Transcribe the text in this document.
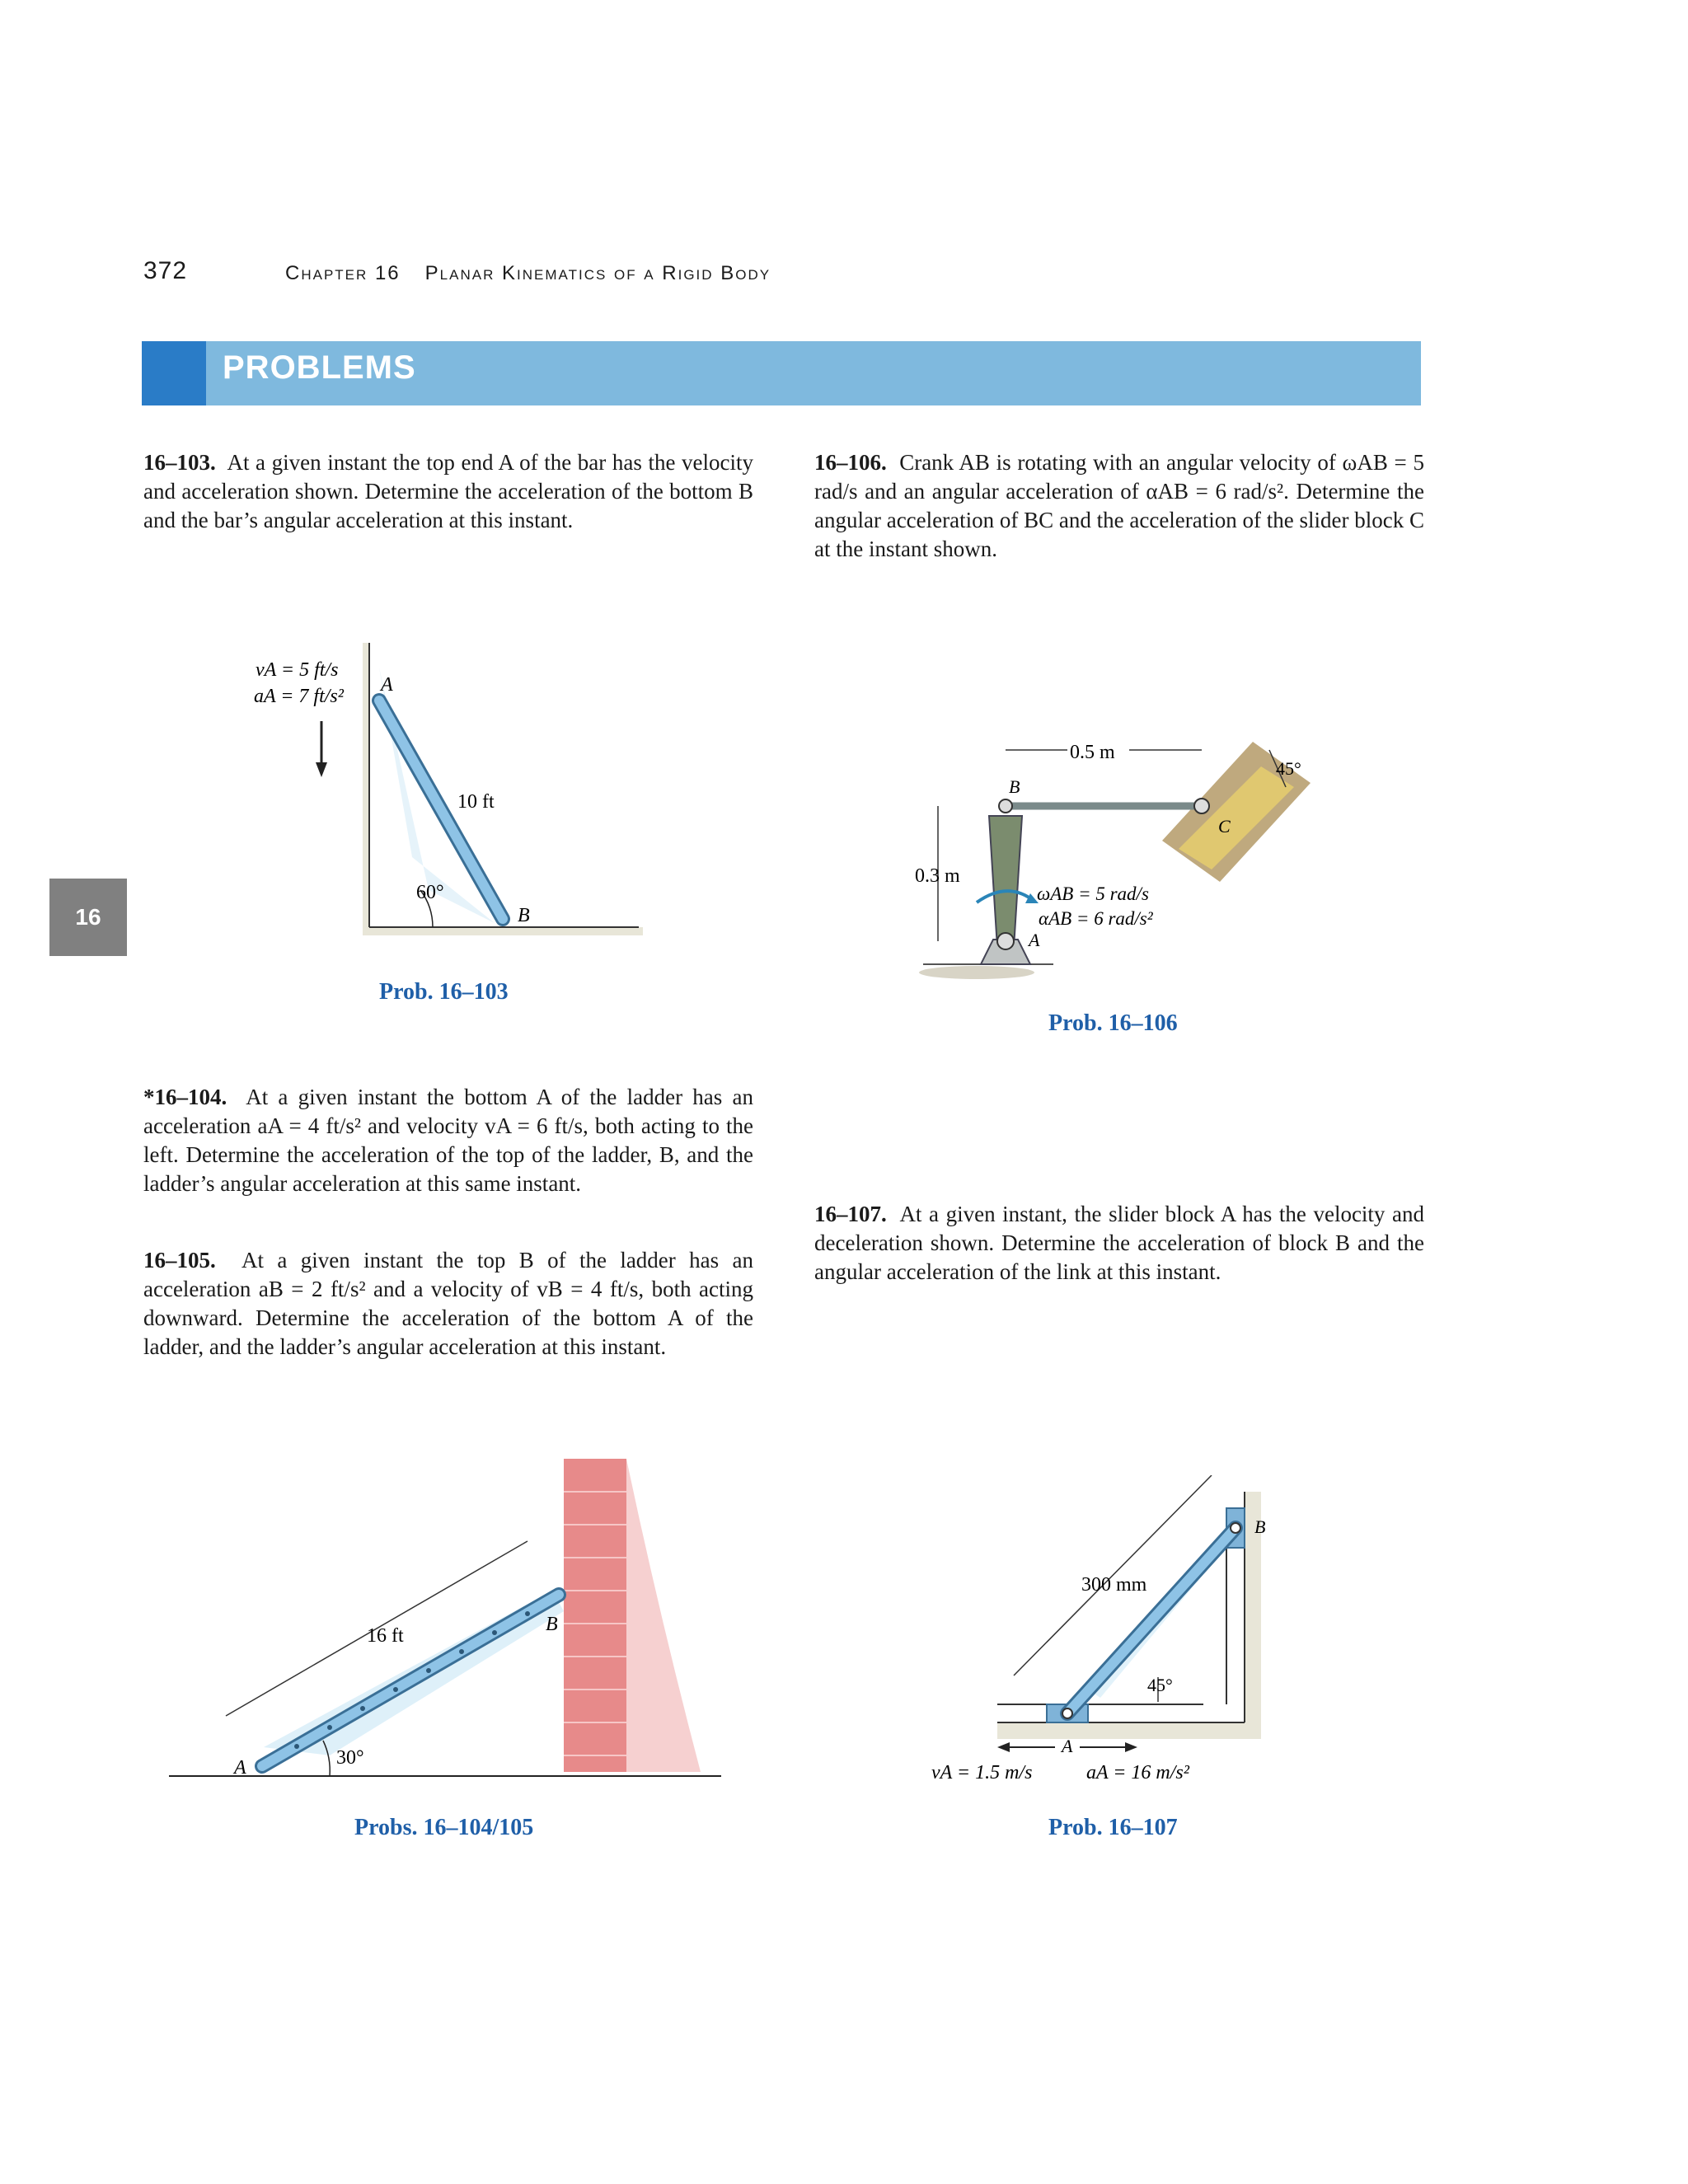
372	Chapter 16 Planar Kinematics of a Rigid Body
PROBLEMS
16
16–103. At a given instant the top end A of the bar has the velocity and acceleration shown. Determine the acceleration of the bottom B and the bar’s angular acceleration at this instant.
16–106. Crank AB is rotating with an angular velocity of ωAB = 5 rad/s and an angular acceleration of αAB = 6 rad/s². Determine the angular acceleration of BC and the acceleration of the slider block C at the instant shown.
*16–104. At a given instant the bottom A of the ladder has an acceleration aA = 4 ft/s² and velocity vA = 6 ft/s, both acting to the left. Determine the acceleration of the top of the ladder, B, and the ladder’s angular acceleration at this same instant.
16–105. At a given instant the top B of the ladder has an acceleration aB = 2 ft/s² and a velocity of vB = 4 ft/s, both acting downward. Determine the acceleration of the bottom A of the ladder, and the ladder’s angular acceleration at this instant.
16–107. At a given instant, the slider block A has the velocity and deceleration shown. Determine the acceleration of block B and the angular acceleration of the link at this instant.
vA = 5 ft/s
aA = 7 ft/s²
A
10 ft
60°
B
Prob. 16–103
0.5 m
0.3 m
45°
B
C
A
ωAB = 5 rad/s
αAB = 6 rad/s²
Prob. 16–106
16 ft
30°
A
B
Probs. 16–104/105
300 mm
45°
A
B
vA = 1.5 m/s	aA = 16 m/s²
Prob. 16–107
